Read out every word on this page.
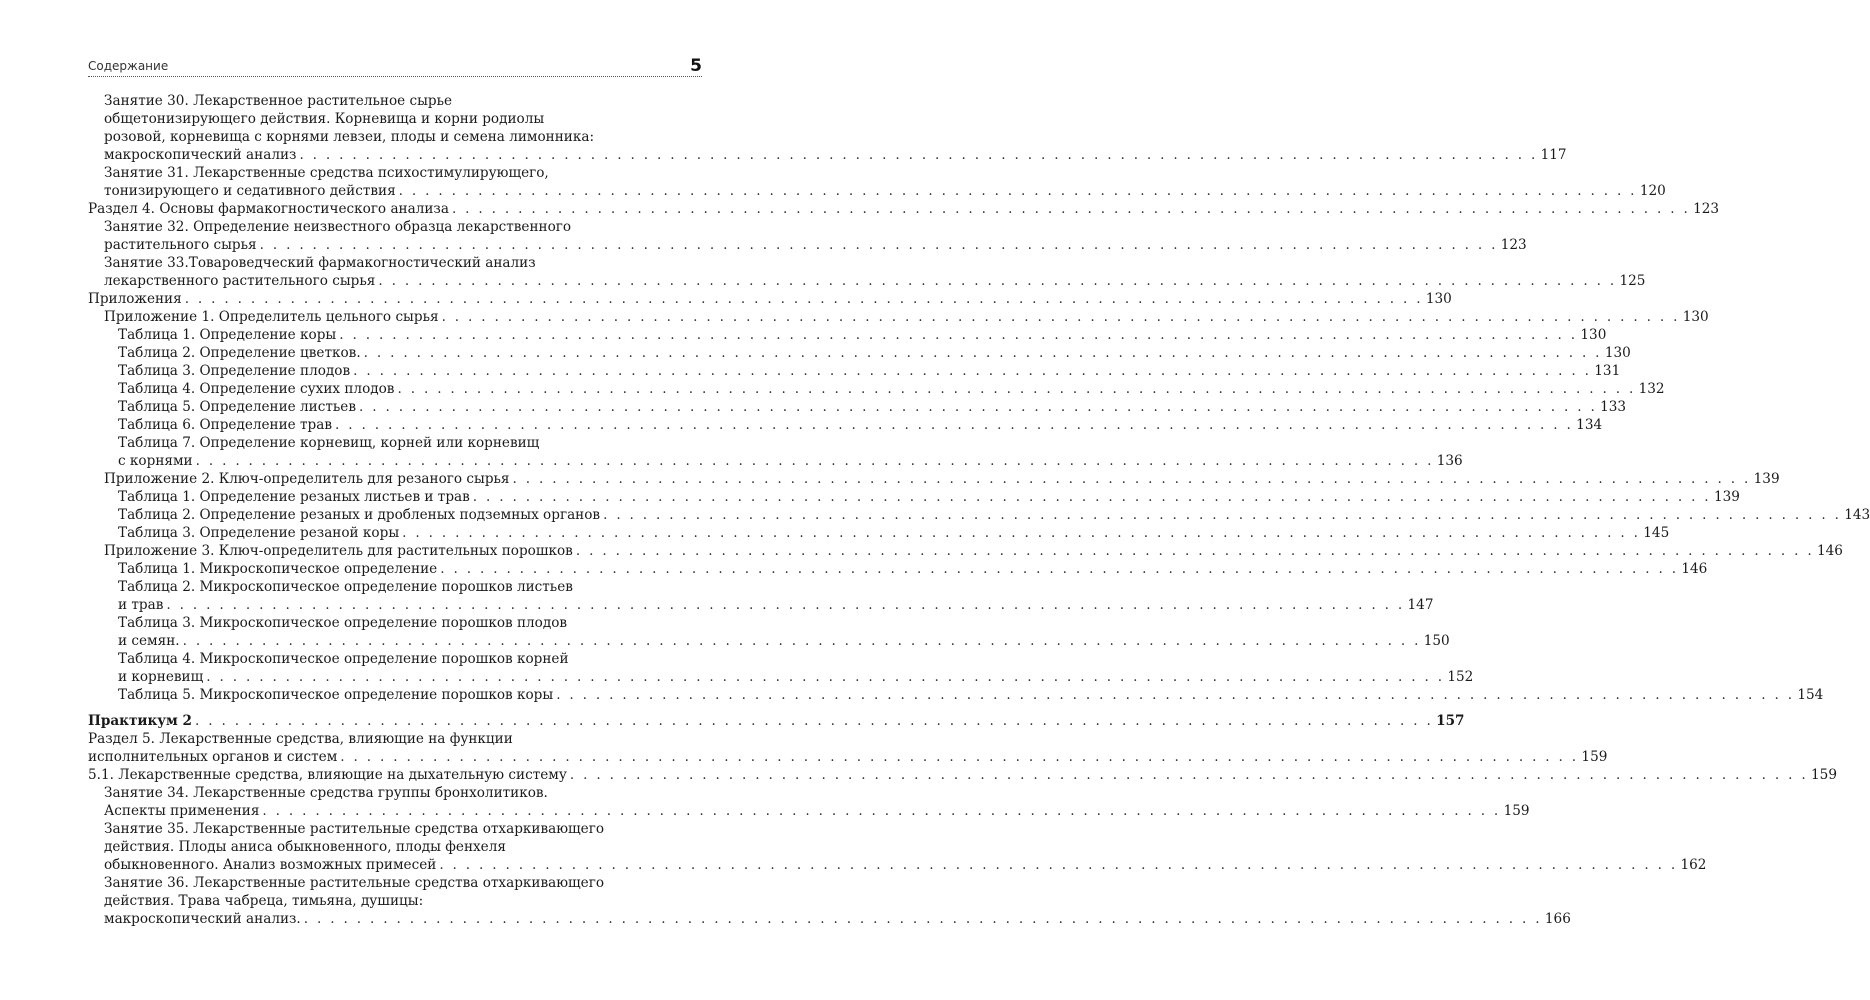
Содержание	5
Занятие 30. Лекарственное растительное сырье
общетонизирующего действия. Корневища и корни родиолы
розовой, корневища с корнями левзеи, плоды и семена лимонника:
макроскопический анализ . . .	117
Занятие 31. Лекарственные средства психостимулирующего,
тонизирующего и седативного действия . . .	120
Раздел 4. Основы фармакогностического анализа . . .	123
Занятие 32. Определение неизвестного образца лекарственного
растительного сырья . . .	123
Занятие 33.Товароведческий фармакогностический анализ
лекарственного растительного сырья . . .	125
Приложения . . .	130
Приложение 1. Определитель цельного сырья . . .	130
Таблица 1. Определение коры . . .	130
Таблица 2. Определение цветков. . . .	130
Таблица 3. Определение плодов . . .	131
Таблица 4. Определение сухих плодов . . .	132
Таблица 5. Определение листьев . . .	133
Таблица 6. Определение трав . . .	134
Таблица 7. Определение корневищ, корней или корневищ
с корнями . . .	136
Приложение 2. Ключ-определитель для резаного сырья . . .	139
Таблица 1. Определение резаных листьев и трав . . .	139
Таблица 2. Определение резаных и дробленых подземных органов . . .	143
Таблица 3. Определение резаной коры . . .	145
Приложение 3. Ключ-определитель для растительных порошков . . .	146
Таблица 1. Микроскопическое определение . . .	146
Таблица 2. Микроскопическое определение порошков листьев
и трав . . .	147
Таблица 3. Микроскопическое определение порошков плодов
и семян. . . .	150
Таблица 4. Микроскопическое определение порошков корней
и корневищ . . .	152
Таблица 5. Микроскопическое определение порошков коры . . .	154
Практикум 2 . . .	157
Раздел 5. Лекарственные средства, влияющие на функции
исполнительных органов и систем . . .	159
5.1. Лекарственные средства, влияющие на дыхательную систему . . .	159
Занятие 34. Лекарственные средства группы бронхолитиков.
Аспекты применения . . .	159
Занятие 35. Лекарственные растительные средства отхаркивающего
действия. Плоды аниса обыкновенного, плоды фенхеля
обыкновенного. Анализ возможных примесей . . .	162
Занятие 36. Лекарственные растительные средства отхаркивающего
действия. Трава чабреца, тимьяна, душицы:
макроскопический анализ. . . .	166
